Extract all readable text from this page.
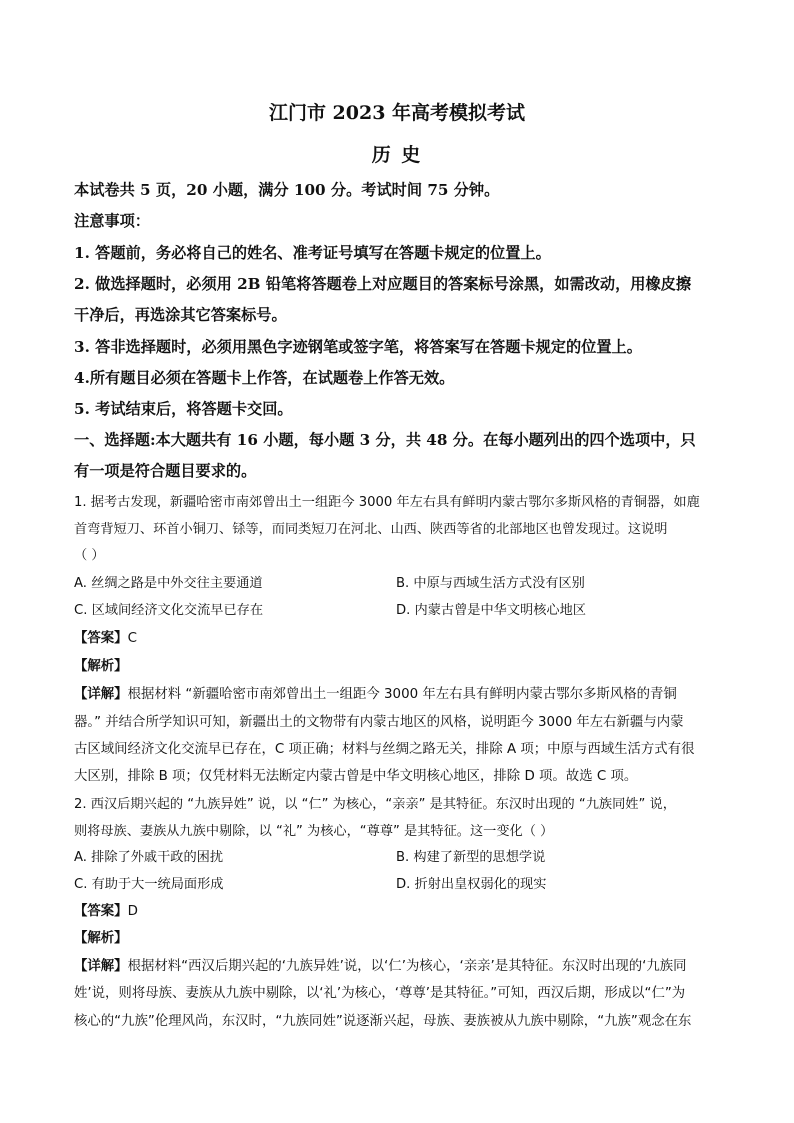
江门市 2023 年高考模拟考试
历 史
本试卷共 5 页，20 小题，满分 100 分。考试时间 75 分钟。
注意事项：
1. 答题前，务必将自己的姓名、准考证号填写在答题卡规定的位置上。
2. 做选择题时，必须用 2B 铅笔将答题卷上对应题目的答案标号涂黑，如需改动，用橡皮擦
干净后，再选涂其它答案标号。
3. 答非选择题时，必须用黑色字迹钢笔或签字笔，将答案写在答题卡规定的位置上。
4.所有题目必须在答题卡上作答，在试题卷上作答无效。
5. 考试结束后，将答题卡交回。
一、选择题:本大题共有 16 小题，每小题 3 分，共 48 分。在每小题列出的四个选项中，只
有一项是符合题目要求的。
1. 据考古发现，新疆哈密市南郊曾出土一组距今 3000 年左右具有鲜明内蒙古鄂尔多斯风格的青铜器，如鹿
首弯背短刀、环首小铜刀、铩等，而同类短刀在河北、山西、陕西等省的北部地区也曾发现过。这说明
（ ）
A. 丝绸之路是中外交往主要通道	B. 中原与西域生活方式没有区别
C. 区域间经济文化交流早已存在	D. 内蒙古曾是中华文明核心地区
【答案】C
【解析】
【详解】根据材料 “新疆哈密市南郊曾出土一组距今 3000 年左右具有鲜明内蒙古鄂尔多斯风格的青铜
器。” 并结合所学知识可知，新疆出土的文物带有内蒙古地区的风格，说明距今 3000 年左右新疆与内蒙
古区域间经济文化交流早已存在，C 项正确；材料与丝绸之路无关，排除 A 项；中原与西域生活方式有很
大区别，排除 B 项；仅凭材料无法断定内蒙古曾是中华文明核心地区，排除 D 项。故选 C 项。
2. 西汉后期兴起的 “九族异姓” 说，以 “仁” 为核心，“亲亲” 是其特征。东汉时出现的 “九族同姓” 说，
则将母族、妻族从九族中剔除，以 “礼” 为核心，“尊尊” 是其特征。这一变化（ ）
A. 排除了外戚干政的困扰	B. 构建了新型的思想学说
C. 有助于大一统局面形成	D. 折射出皇权弱化的现实
【答案】D
【解析】
【详解】根据材料“西汉后期兴起的‘九族异姓’说，以‘仁’为核心，‘亲亲’是其特征。东汉时出现的‘九族同
姓’说，则将母族、妻族从九族中剔除，以‘礼’为核心，‘尊尊’是其特征。”可知，西汉后期，形成以“仁”为
核心的“九族”伦理风尚，东汉时，“九族同姓”说逐渐兴起，母族、妻族被从九族中剔除，“九族”观念在东
